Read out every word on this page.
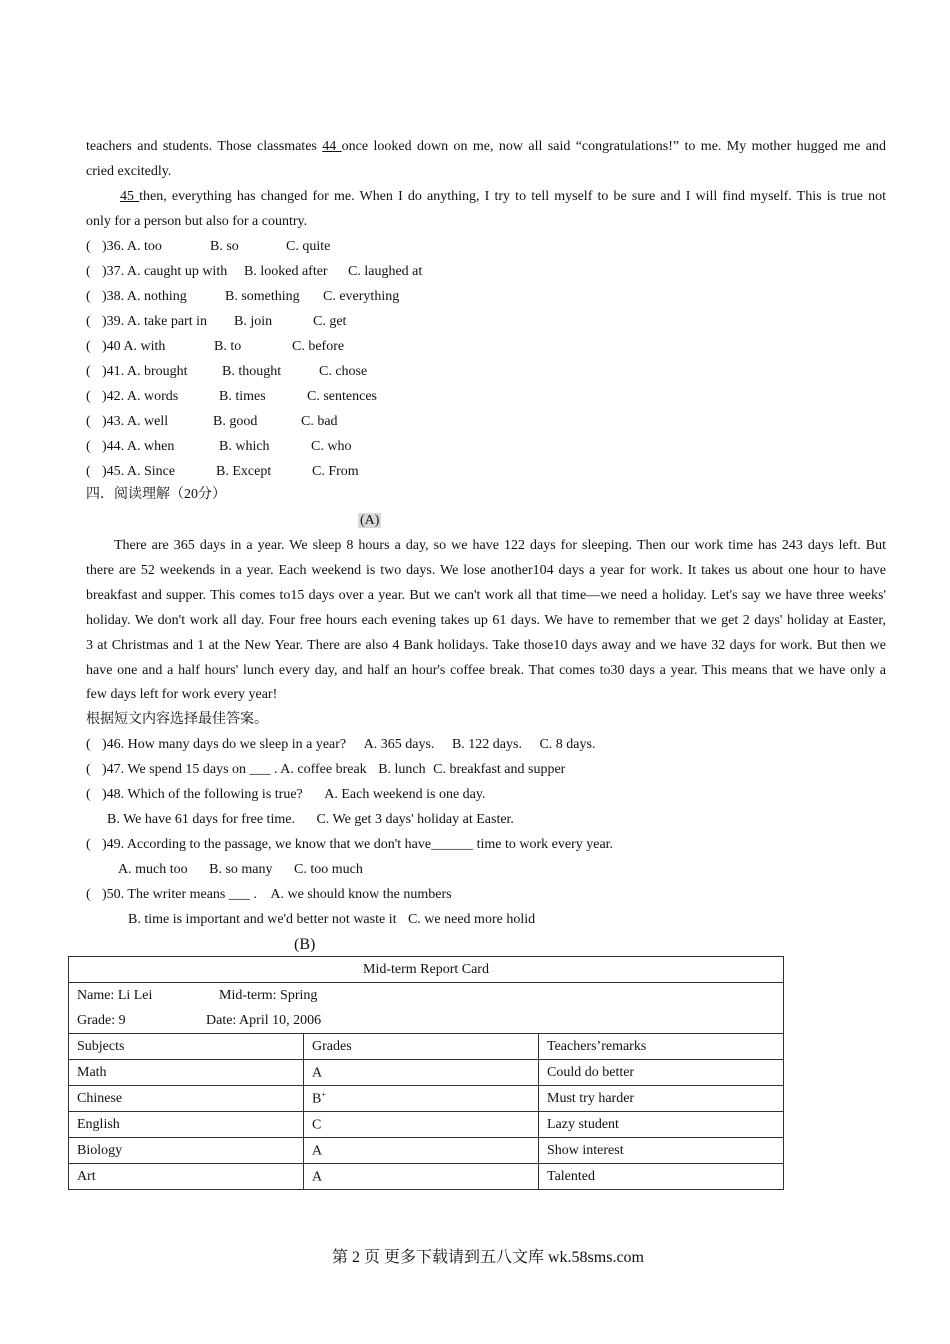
teachers and students. Those classmates 44 once looked down on me, now all said “congratulations!” to me. My mother hugged me and
cried excitedly.
45 then, everything has changed for me. When I do anything, I try to tell myself to be sure and I will find myself. This is true not
only for a person but also for a country.
( )36. A. too	B. so	C. quite
( )37. A. caught up with B. looked after C. laughed at
( )38. A. nothing	B. something C. everything
( )39. A. take part in B. join	C. get
( )40 A. with	B. to	C. before
( )41. A. brought B. thought	C. chose
( )42. A. words	B. times	C. sentences
( )43. A. well	B. good	C. bad
( )44. A. when	B. which	C. who
( )45. A. Since	B. Except	C. From
四．阅读理解（20分）
(A)
There are 365 days in a year. We sleep 8 hours a day, so we have 122 days for sleeping. Then our work time has 243 days left. But
there are 52 weekends in a year. Each weekend is two days. We lose another104 days a year for work. It takes us about one hour to have
breakfast and supper. This comes to15 days over a year. But we can't work all that time—we need a holiday. Let's say we have three weeks'
holiday. We don't work all day. Four free hours each evening takes up 61 days. We have to remember that we get 2 days' holiday at Easter,
3 at Christmas and 1 at the New Year. There are also 4 Bank holidays. Take those10 days away and we have 32 days for work. But then we
have one and a half hours' lunch every day, and half an hour's coffee break. That comes to30 days a year. This means that we have only a
few days left for work every year!
根据短文内容选择最佳答案。
( )46. How many days do we sleep in a year? A. 365 days. B. 122 days. C. 8 days.
( )47. We spend 15 days on ___ . A. coffee break B. lunch C. breakfast and supper
( )48. Which of the following is true? A. Each weekend is one day.
B. We have 61 days for free time. C. We get 3 days' holiday at Easter.
( )49. According to the passage, we know that we don't have______ time to work every year.
A. much too B. so many C. too much
( )50. The writer means ___ . A. we should know the numbers
B. time is important and we'd better not waste it C. we need more holid
(B)
Mid-term Report Card		

Name: Li Lei Mid-term: Spring
Grade: 9 Date: April 10, 2006		

Subjects	Grades	Teachers’remarks
Math	A	Could do better
Chinese	B+	Must try harder
English	C	Lazy student
Biology	A	Show interest
Art	A	Talented
第 2 页 更多下载请到五八文库 wk.58sms.com
